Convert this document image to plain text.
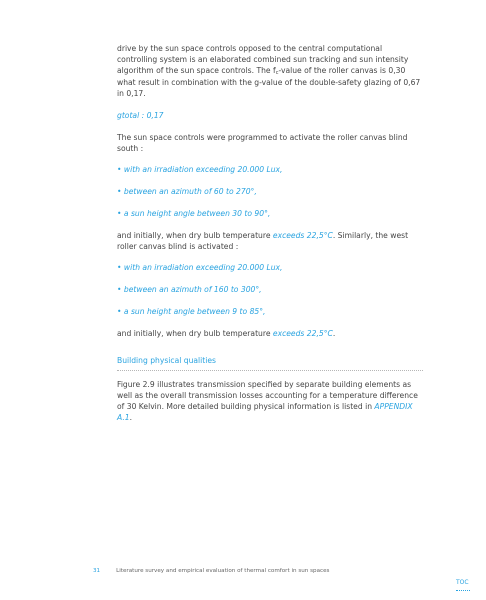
drive by the sun space controls opposed to the central computational controlling system is an elaborated combined sun tracking and sun intensity algorithm of the sun space controls. The $f_c$-value of the roller canvas is 0,30 what result in combination with the g-value of the double-safety glazing of 0,67 in 0,17.

gtotal : 0,17

The sun space controls were programmed to activate the roller canvas blind south :

• with an irradiation exceeding 20.000 Lux,

• between an azimuth of 60 to 270°,

• a sun height angle between 30 to 90°,

and initially, when dry bulb temperature exceeds 22,5°C. Similarly, the west roller canvas blind is activated :

• with an irradiation exceeding 20.000 Lux,

• between an azimuth of 160 to 300°,

• a sun height angle between 9 to 85°,

and initially, when dry bulb temperature exceeds 22,5°C.

Building physical qualities

Figure 2.9 illustrates transmission specified by separate building elements as well as the overall transmission losses accounting for a temperature difference of 30 Kelvin. More detailed building physical information is listed in APPENDIX A.1.

31	Literature survey and empirical evaluation of thermal comfort in sun spaces
TOC
